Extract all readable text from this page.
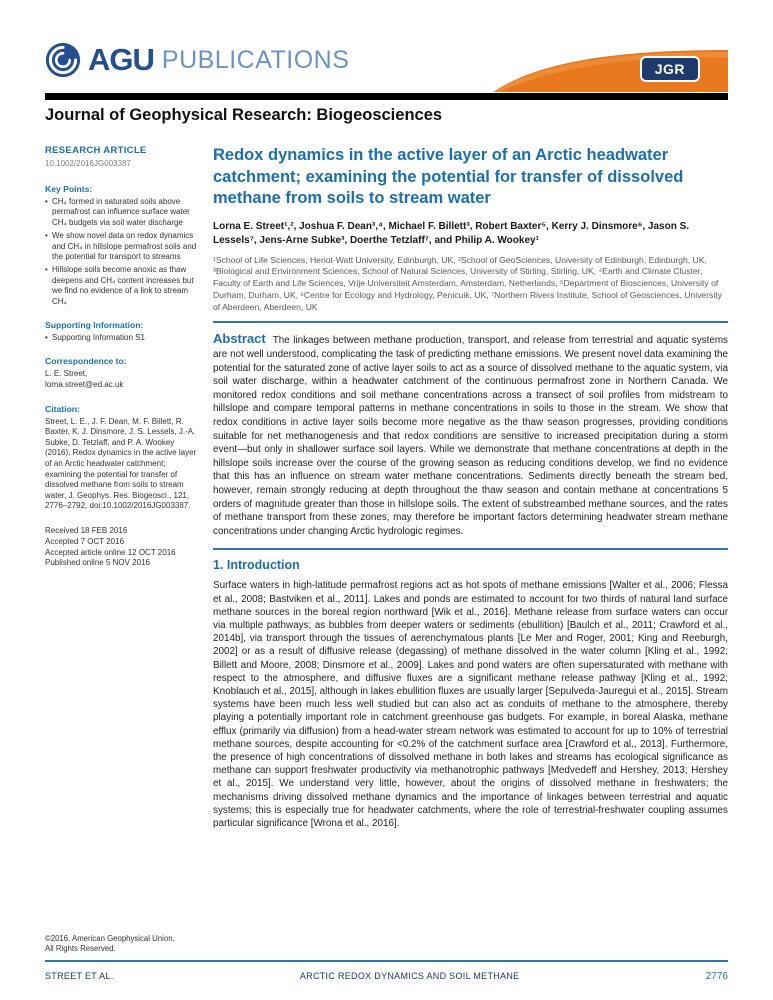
AGU PUBLICATIONS	JGR
Journal of Geophysical Research: Biogeosciences
RESEARCH ARTICLE
10.1002/2016JG003387
Key Points:
• CH₄ formed in saturated soils above permafrost can influence surface water CH₄ budgets via soil water discharge
• We show novel data on redox dynamics and CH₄ in hillslope permafrost soils and the potential for transport to streams
• Hillslope soils become anoxic as thaw deepens and CH₄ content increases but we find no evidence of a link to stream CH₄
Supporting Information:
• Supporting Information S1
Correspondence to:
L. E. Street,
lorna.street@ed.ac.uk
Citation:
Street, L. E., J. F. Dean, M. F. Billett, R. Baxter, K. J. Dinsmore, J. S. Lessels, J.-A. Subke, D. Tetzlaff, and P. A. Wookey (2016), Redox dynamics in the active layer of an Arctic headwater catchment; examining the potential for transfer of dissolved methane from soils to stream water, J. Geophys. Res. Biogeosci., 121, 2776–2792, doi:10.1002/2016JG003387.
Received 18 FEB 2016
Accepted 7 OCT 2016
Accepted article online 12 OCT 2016
Published online 5 NOV 2016
Redox dynamics in the active layer of an Arctic headwater catchment; examining the potential for transfer of dissolved methane from soils to stream water

Lorna E. Street¹,², Joshua F. Dean³,⁴, Michael F. Billett³, Robert Baxter⁵, Kerry J. Dinsmore⁶, Jason S. Lessels⁷, Jens-Arne Subke³, Doerthe Tetzlaff⁷, and Philip A. Wookey¹

¹School of Life Sciences, Heriot-Watt University, Edinburgh, UK, ²School of GeoSciences, University of Edinburgh, Edinburgh, UK, ³Biological and Environment Sciences, School of Natural Sciences, University of Stirling, Stirling, UK, ⁴Earth and Climate Cluster, Faculty of Earth and Life Sciences, Vrije Universiteit Amsterdam, Amsterdam, Netherlands, ⁵Department of Biosciences, University of Durham, Durham, UK, ⁶Centre for Ecology and Hydrology, Penicuik, UK, ⁷Northern Rivers Institute, School of Geosciences, University of Aberdeen, Aberdeen, UK

Abstract The linkages between methane production, transport, and release from terrestrial and aquatic systems are not well understood, complicating the task of predicting methane emissions. We present novel data examining the potential for the saturated zone of active layer soils to act as a source of dissolved methane to the aquatic system, via soil water discharge, within a headwater catchment of the continuous permafrost zone in Northern Canada. We monitored redox conditions and soil methane concentrations across a transect of soil profiles from midstream to hillslope and compare temporal patterns in methane concentrations in soils to those in the stream. We show that redox conditions in active layer soils become more negative as the thaw season progresses, providing conditions suitable for net methanogenesis and that redox conditions are sensitive to increased precipitation during a storm event—but only in shallower surface soil layers. While we demonstrate that methane concentrations at depth in the hillslope soils increase over the course of the growing season as reducing conditions develop, we find no evidence that this has an influence on stream water methane concentrations. Sediments directly beneath the stream bed, however, remain strongly reducing at depth throughout the thaw season and contain methane at concentrations 5 orders of magnitude greater than those in hillslope soils. The extent of substreambed methane sources, and the rates of methane transport from these zones, may therefore be important factors determining headwater stream methane concentrations under changing Arctic hydrologic regimes.

1. Introduction

Surface waters in high-latitude permafrost regions act as hot spots of methane emissions [Walter et al., 2006; Flessa et al., 2008; Bastviken et al., 2011]. Lakes and ponds are estimated to account for two thirds of natural land surface methane sources in the boreal region northward [Wik et al., 2016]. Methane release from surface waters can occur via multiple pathways; as bubbles from deeper waters or sediments (ebullition) [Baulch et al., 2011; Crawford et al., 2014b], via transport through the tissues of aerenchymatous plants [Le Mer and Roger, 2001; King and Reeburgh, 2002] or as a result of diffusive release (degassing) of methane dissolved in the water column [Kling et al., 1992; Billett and Moore, 2008; Dinsmore et al., 2009]. Lakes and pond waters are often supersaturated with methane with respect to the atmosphere, and diffusive fluxes are a significant methane release pathway [Kling et al., 1992; Knoblauch et al., 2015], although in lakes ebullition fluxes are usually larger [Sepulveda-Jauregui et al., 2015]. Stream systems have been much less well studied but can also act as conduits of methane to the atmosphere, thereby playing a potentially important role in catchment greenhouse gas budgets. For example, in boreal Alaska, methane efflux (primarily via diffusion) from a head-water stream network was estimated to account for up to 10% of terrestrial methane sources, despite accounting for <0.2% of the catchment surface area [Crawford et al., 2013]. Furthermore, the presence of high concentrations of dissolved methane in both lakes and streams has ecological significance as methane can support freshwater productivity via methanotrophic pathways [Medvedeff and Hershey, 2013; Hershey et al., 2015]. We understand very little, however, about the origins of dissolved methane in freshwaters; the mechanisms driving dissolved methane dynamics and the importance of linkages between terrestrial and aquatic systems; this is especially true for headwater catchments, where the role of terrestrial-freshwater coupling assumes particular significance [Wrona et al., 2016].

©2016. American Geophysical Union.
All Rights Reserved.
STREET ET AL.	ARCTIC REDOX DYNAMICS AND SOIL METHANE	2776
